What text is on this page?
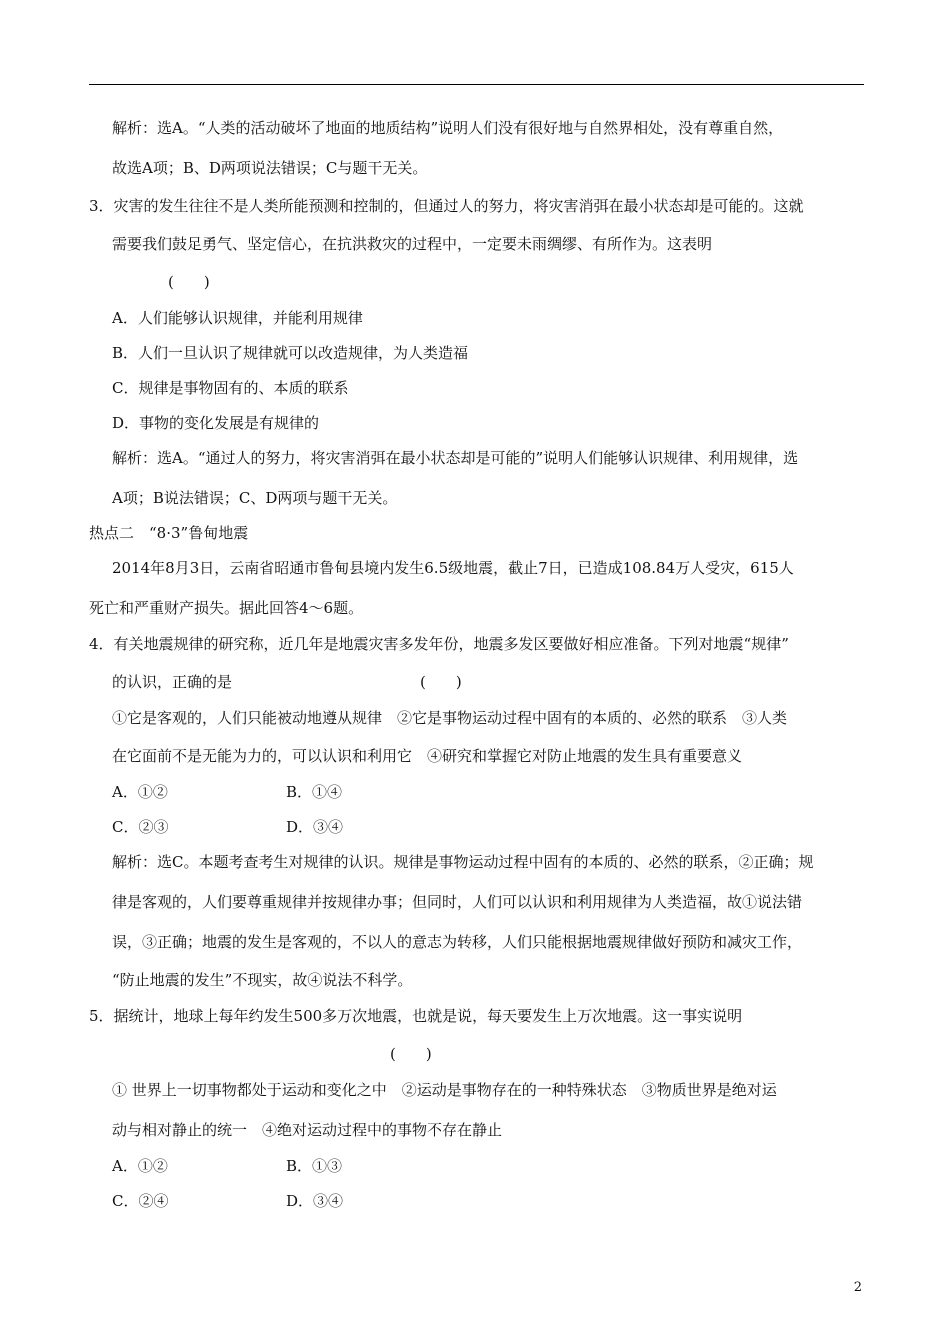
解析：选A。“人类的活动破坏了地面的地质结构”说明人们没有很好地与自然界相处，没有尊重自然，
故选A项；B、D两项说法错误；C与题干无关。
3．灾害的发生往往不是人类所能预测和控制的，但通过人的努力，将灾害消弭在最小状态却是可能的。这就
需要我们鼓足勇气、坚定信心，在抗洪救灾的过程中，一定要未雨绸缪、有所作为。这表明
(　　)
A．人们能够认识规律，并能利用规律
B．人们一旦认识了规律就可以改造规律，为人类造福
C．规律是事物固有的、本质的联系
D．事物的变化发展是有规律的
解析：选A。“通过人的努力，将灾害消弭在最小状态却是可能的”说明人们能够认识规律、利用规律，选
A项；B说法错误；C、D两项与题干无关。
热点二　“8·3”鲁甸地震
2014年8月3日，云南省昭通市鲁甸县境内发生6.5级地震，截止7日，已造成108.84万人受灾，615人
死亡和严重财产损失。据此回答4～6题。
4．有关地震规律的研究称，近几年是地震灾害多发年份，地震多发区要做好相应准备。下列对地震“规律”
的认识，正确的是	(　　)
①它是客观的，人们只能被动地遵从规律　②它是事物运动过程中固有的本质的、必然的联系　③人类
在它面前不是无能为力的，可以认识和利用它　④研究和掌握它对防止地震的发生具有重要意义
A．①②	B．①④
C．②③	D．③④
解析：选C。本题考查考生对规律的认识。规律是事物运动过程中固有的本质的、必然的联系，②正确；规
律是客观的，人们要尊重规律并按规律办事；但同时，人们可以认识和利用规律为人类造福，故①说法错
误，③正确；地震的发生是客观的，不以人的意志为转移，人们只能根据地震规律做好预防和减灾工作，
“防止地震的发生”不现实，故④说法不科学。
5．据统计，地球上每年约发生500多万次地震，也就是说，每天要发生上万次地震。这一事实说明
(　　)
① 世界上一切事物都处于运动和变化之中　②运动是事物存在的一种特殊状态　③物质世界是绝对运
动与相对静止的统一　④绝对运动过程中的事物不存在静止
A．①②	B．①③
C．②④	D．③④
2
